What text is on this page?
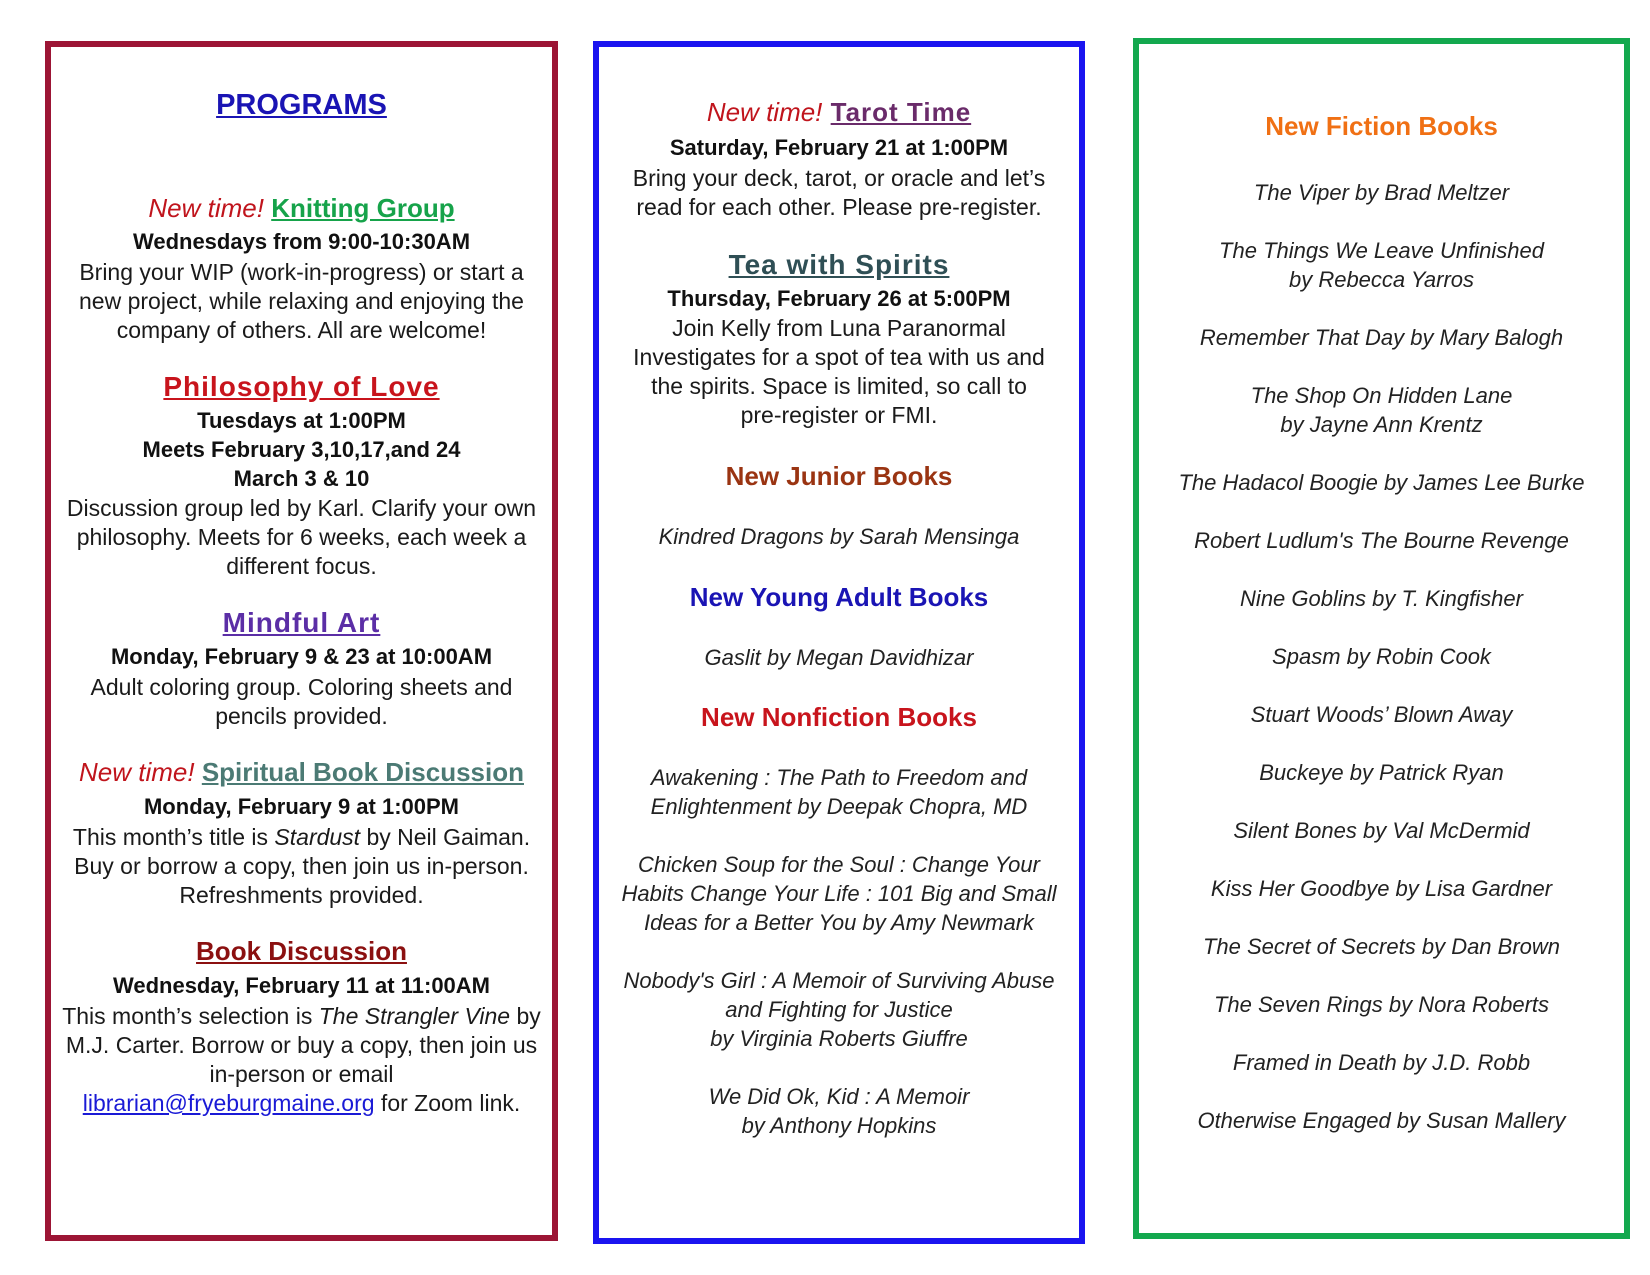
PROGRAMS
New time! Knitting Group
Wednesdays from 9:00-10:30AM
Bring your WIP (work-in-progress) or start a
new project, while relaxing and enjoying the
company of others. All are welcome!
Philosophy of Love
Tuesdays at 1:00PM
Meets February 3,10,17,and 24
March 3 & 10
Discussion group led by Karl. Clarify your own
philosophy. Meets for 6 weeks, each week a
different focus.
Mindful Art
Monday, February 9 & 23 at 10:00AM
Adult coloring group. Coloring sheets and
pencils provided.
New time! Spiritual Book Discussion
Monday, February 9 at 1:00PM
This month’s title is Stardust by Neil Gaiman.
Buy or borrow a copy, then join us in-person.
Refreshments provided.
Book Discussion
Wednesday, February 11 at 11:00AM
This month’s selection is The Strangler Vine by
M.J. Carter. Borrow or buy a copy, then join us
in-person or email
librarian@fryeburgmaine.org for Zoom link.
New time! Tarot Time
Saturday, February 21 at 1:00PM
Bring your deck, tarot, or oracle and let’s
read for each other. Please pre-register.
Tea with Spirits
Thursday, February 26 at 5:00PM
Join Kelly from Luna Paranormal
Investigates for a spot of tea with us and
the spirits. Space is limited, so call to
pre-register or FMI.
New Junior Books
Kindred Dragons by Sarah Mensinga
New Young Adult Books
Gaslit by Megan Davidhizar
New Nonfiction Books
Awakening : The Path to Freedom and
Enlightenment by Deepak Chopra, MD
Chicken Soup for the Soul : Change Your
Habits Change Your Life : 101 Big and Small
Ideas for a Better You by Amy Newmark
Nobody's Girl : A Memoir of Surviving Abuse
and Fighting for Justice
by Virginia Roberts Giuffre
We Did Ok, Kid : A Memoir
by Anthony Hopkins
New Fiction Books
The Viper by Brad Meltzer
The Things We Leave Unfinished
by Rebecca Yarros
Remember That Day by Mary Balogh
The Shop On Hidden Lane
by Jayne Ann Krentz
The Hadacol Boogie by James Lee Burke
Robert Ludlum's The Bourne Revenge
Nine Goblins by T. Kingfisher
Spasm by Robin Cook
Stuart Woods’ Blown Away
Buckeye by Patrick Ryan
Silent Bones by Val McDermid
Kiss Her Goodbye by Lisa Gardner
The Secret of Secrets by Dan Brown
The Seven Rings by Nora Roberts
Framed in Death by J.D. Robb
Otherwise Engaged by Susan Mallery
